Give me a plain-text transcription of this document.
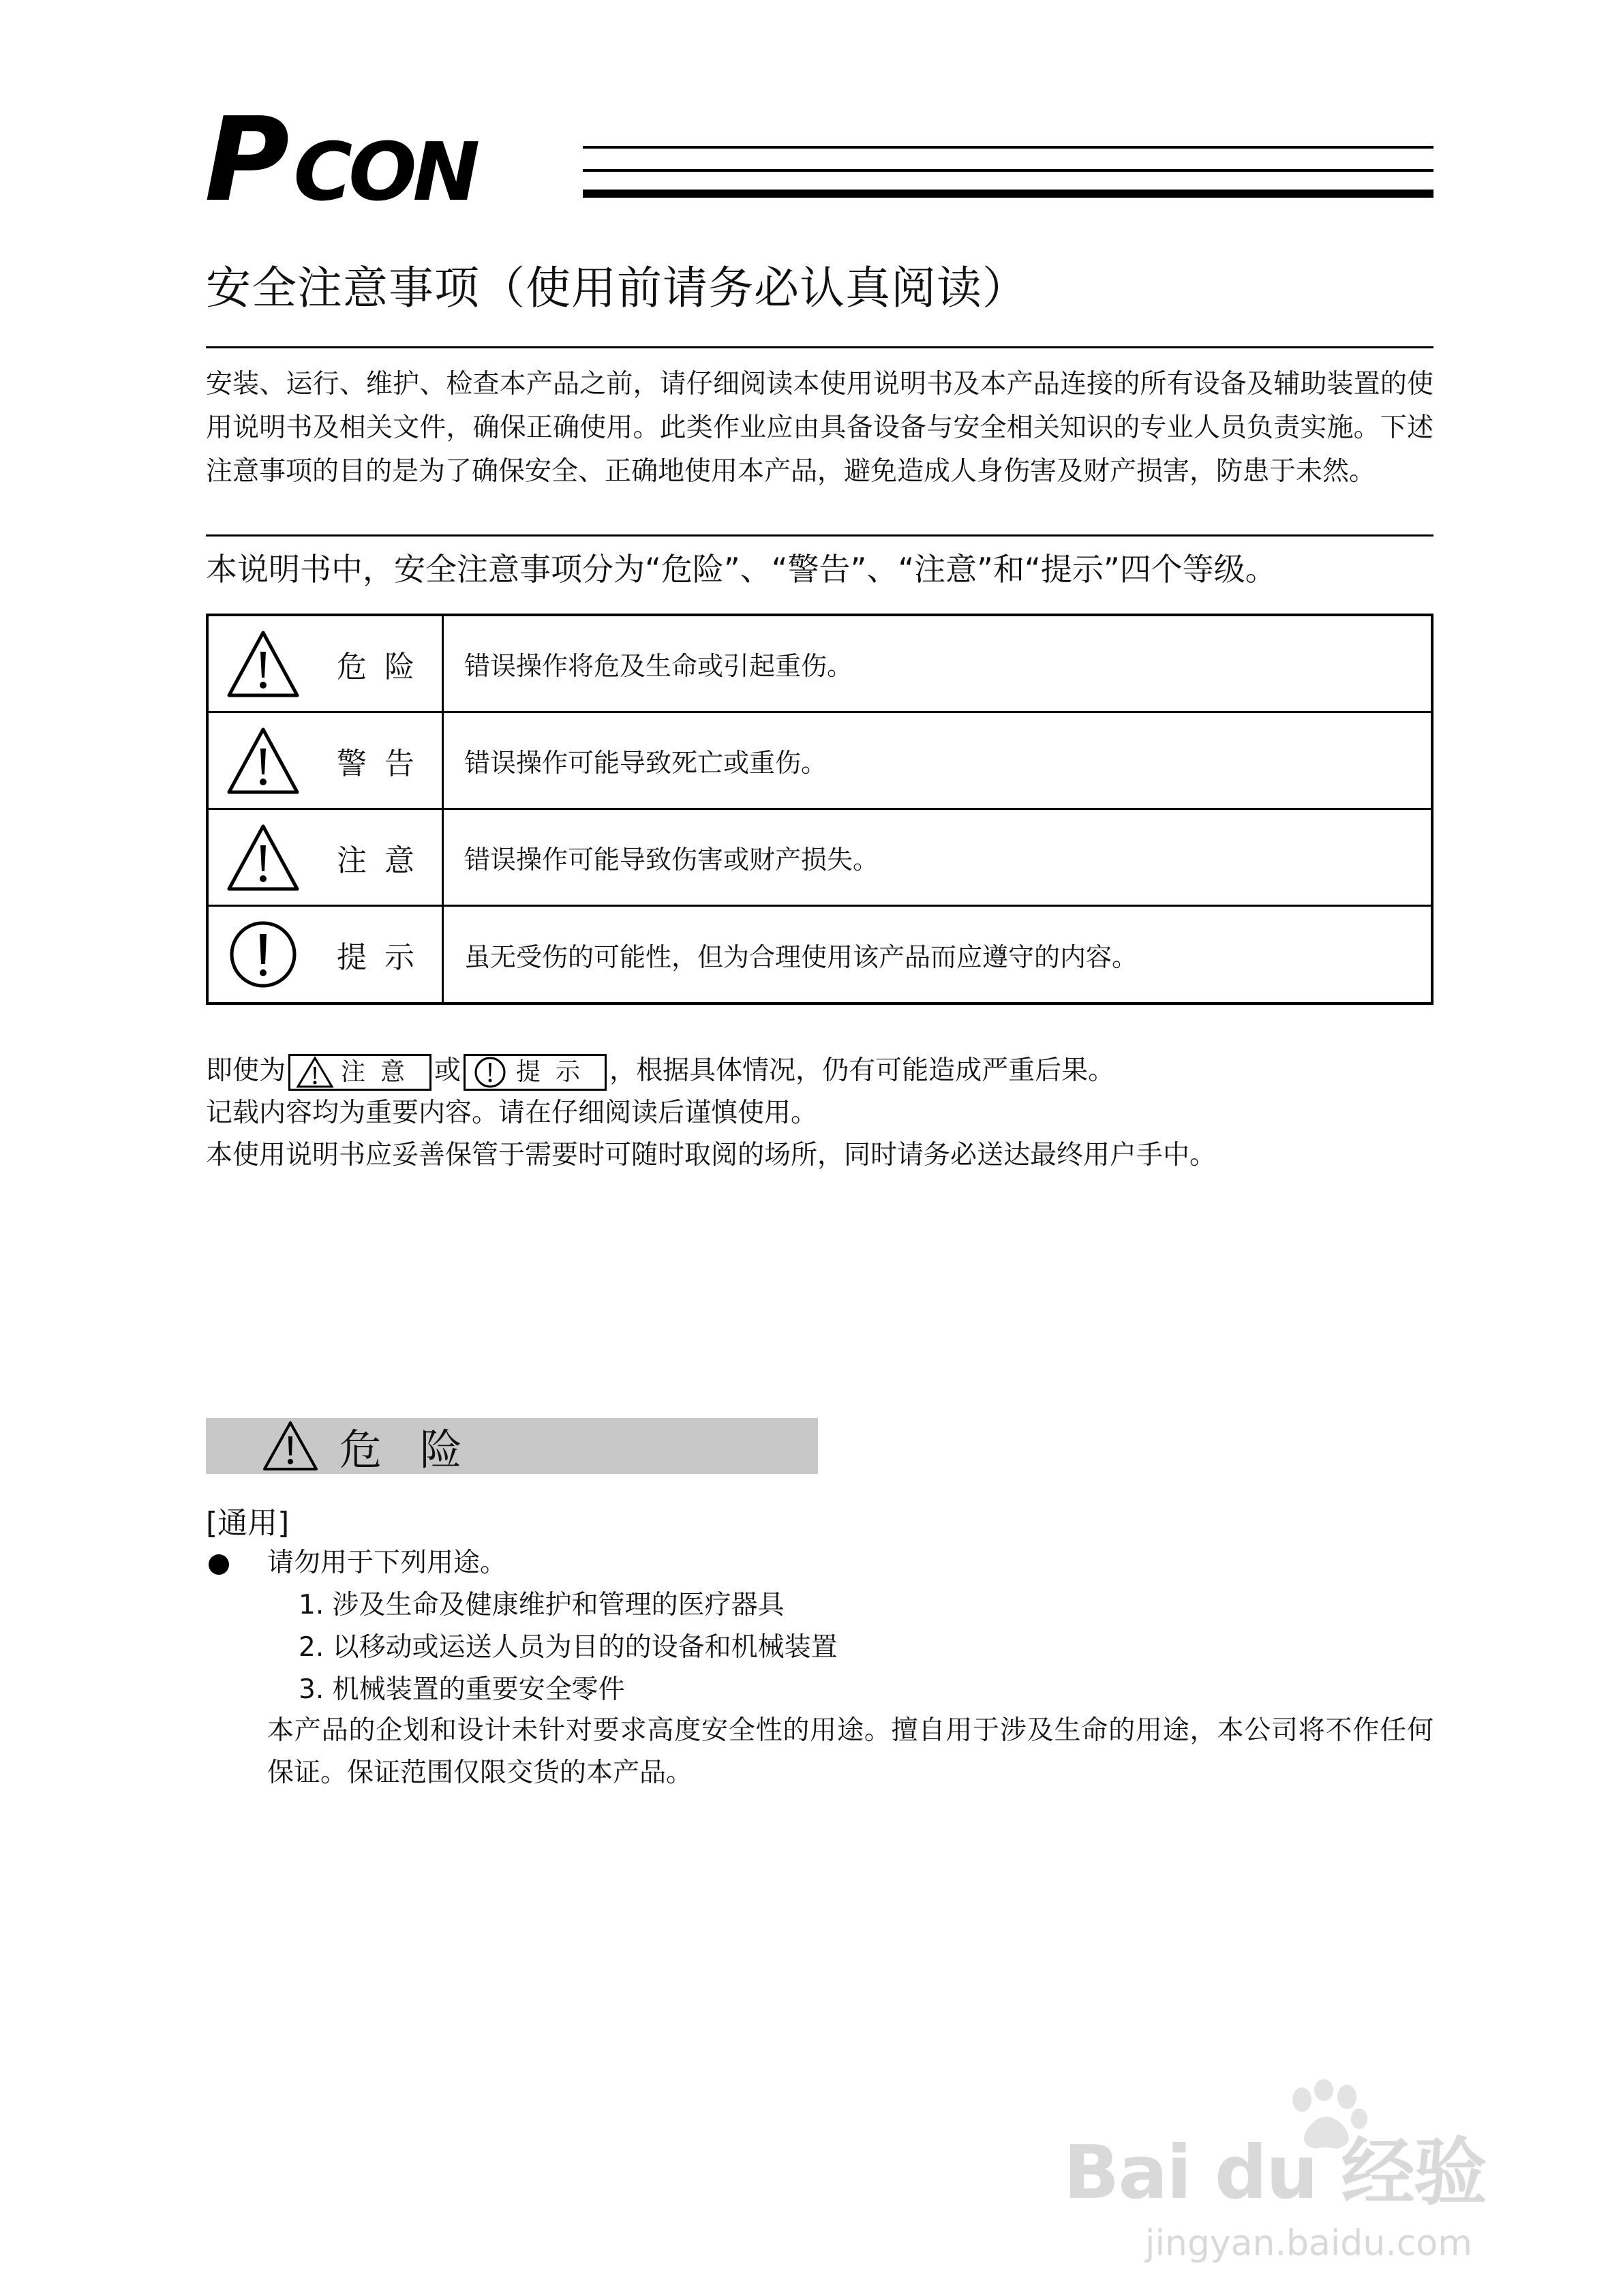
PCON
安全注意事项（使用前请务必认真阅读）
安装、运行、维护、检查本产品之前，请仔细阅读本使用说明书及本产品连接的所有设备及辅助装置的使用说明书及相关文件，确保正确使用。此类作业应由具备设备与安全相关知识的专业人员负责实施。下述注意事项的目的是为了确保安全、正确地使用本产品，避免造成人身伤害及财产损害，防患于未然。
本说明书中，安全注意事项分为“危险”、“警告”、“注意”和“提示”四个等级。
危险	错误操作将危及生命或引起重伤。
警告	错误操作可能导致死亡或重伤。
注意	错误操作可能导致伤害或财产损失。
提示	虽无受伤的可能性，但为合理使用该产品而应遵守的内容。
即使为 注意 或 提示 ，根据具体情况，仍有可能造成严重后果。
记载内容均为重要内容。请在仔细阅读后谨慎使用。
本使用说明书应妥善保管于需要时可随时取阅的场所，同时请务必送达最终用户手中。
危险
[通用]
请勿用于下列用途。
1. 涉及生命及健康维护和管理的医疗器具
2. 以移动或运送人员为目的的设备和机械装置
3. 机械装置的重要安全零件
本产品的企划和设计未针对要求高度安全性的用途。擅自用于涉及生命的用途，本公司将不作任何保证。保证范围仅限交货的本产品。
Bai du 经验
jingyan.baidu.com
